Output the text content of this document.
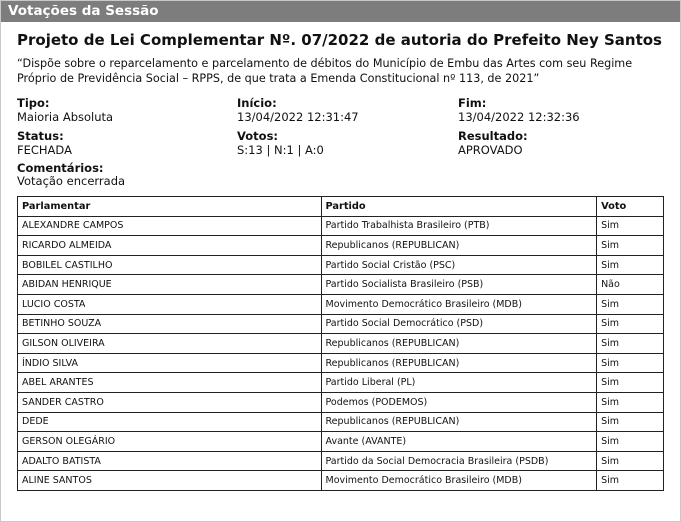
Votações da Sessão
Projeto de Lei Complementar Nº. 07/2022 de autoria do Prefeito Ney Santos

“Dispõe sobre o reparcelamento e parcelamento de débitos do Município de Embu das Artes com seu Regime Próprio de Previdência Social – RPPS, de que trata a Emenda Constitucional nº 113, de 2021”

Tipo:
Maioria Absoluta
Início:
13/04/2022 12:31:47
Fim:
13/04/2022 12:32:36
Status:
FECHADA
Votos:
S:13 | N:1 | A:0
Resultado:
APROVADO
Comentários:
Votação encerrada
Parlamentar	Partido	Voto
ALEXANDRE CAMPOS	Partido Trabalhista Brasileiro (PTB)	Sim
RICARDO ALMEIDA	Republicanos (REPUBLICAN)	Sim
BOBILEL CASTILHO	Partido Social Cristão (PSC)	Sim
ABIDAN HENRIQUE	Partido Socialista Brasileiro (PSB)	Não
LUCIO COSTA	Movimento Democrático Brasileiro (MDB)	Sim
BETINHO SOUZA	Partido Social Democrático (PSD)	Sim
GILSON OLIVEIRA	Republicanos (REPUBLICAN)	Sim
ÍNDIO SILVA	Republicanos (REPUBLICAN)	Sim
ABEL ARANTES	Partido Liberal (PL)	Sim
SANDER CASTRO	Podemos (PODEMOS)	Sim
DEDE	Republicanos (REPUBLICAN)	Sim
GERSON OLEGÁRIO	Avante (AVANTE)	Sim
ADALTO BATISTA	Partido da Social Democracia Brasileira (PSDB)	Sim
ALINE SANTOS	Movimento Democrático Brasileiro (MDB)	Sim
